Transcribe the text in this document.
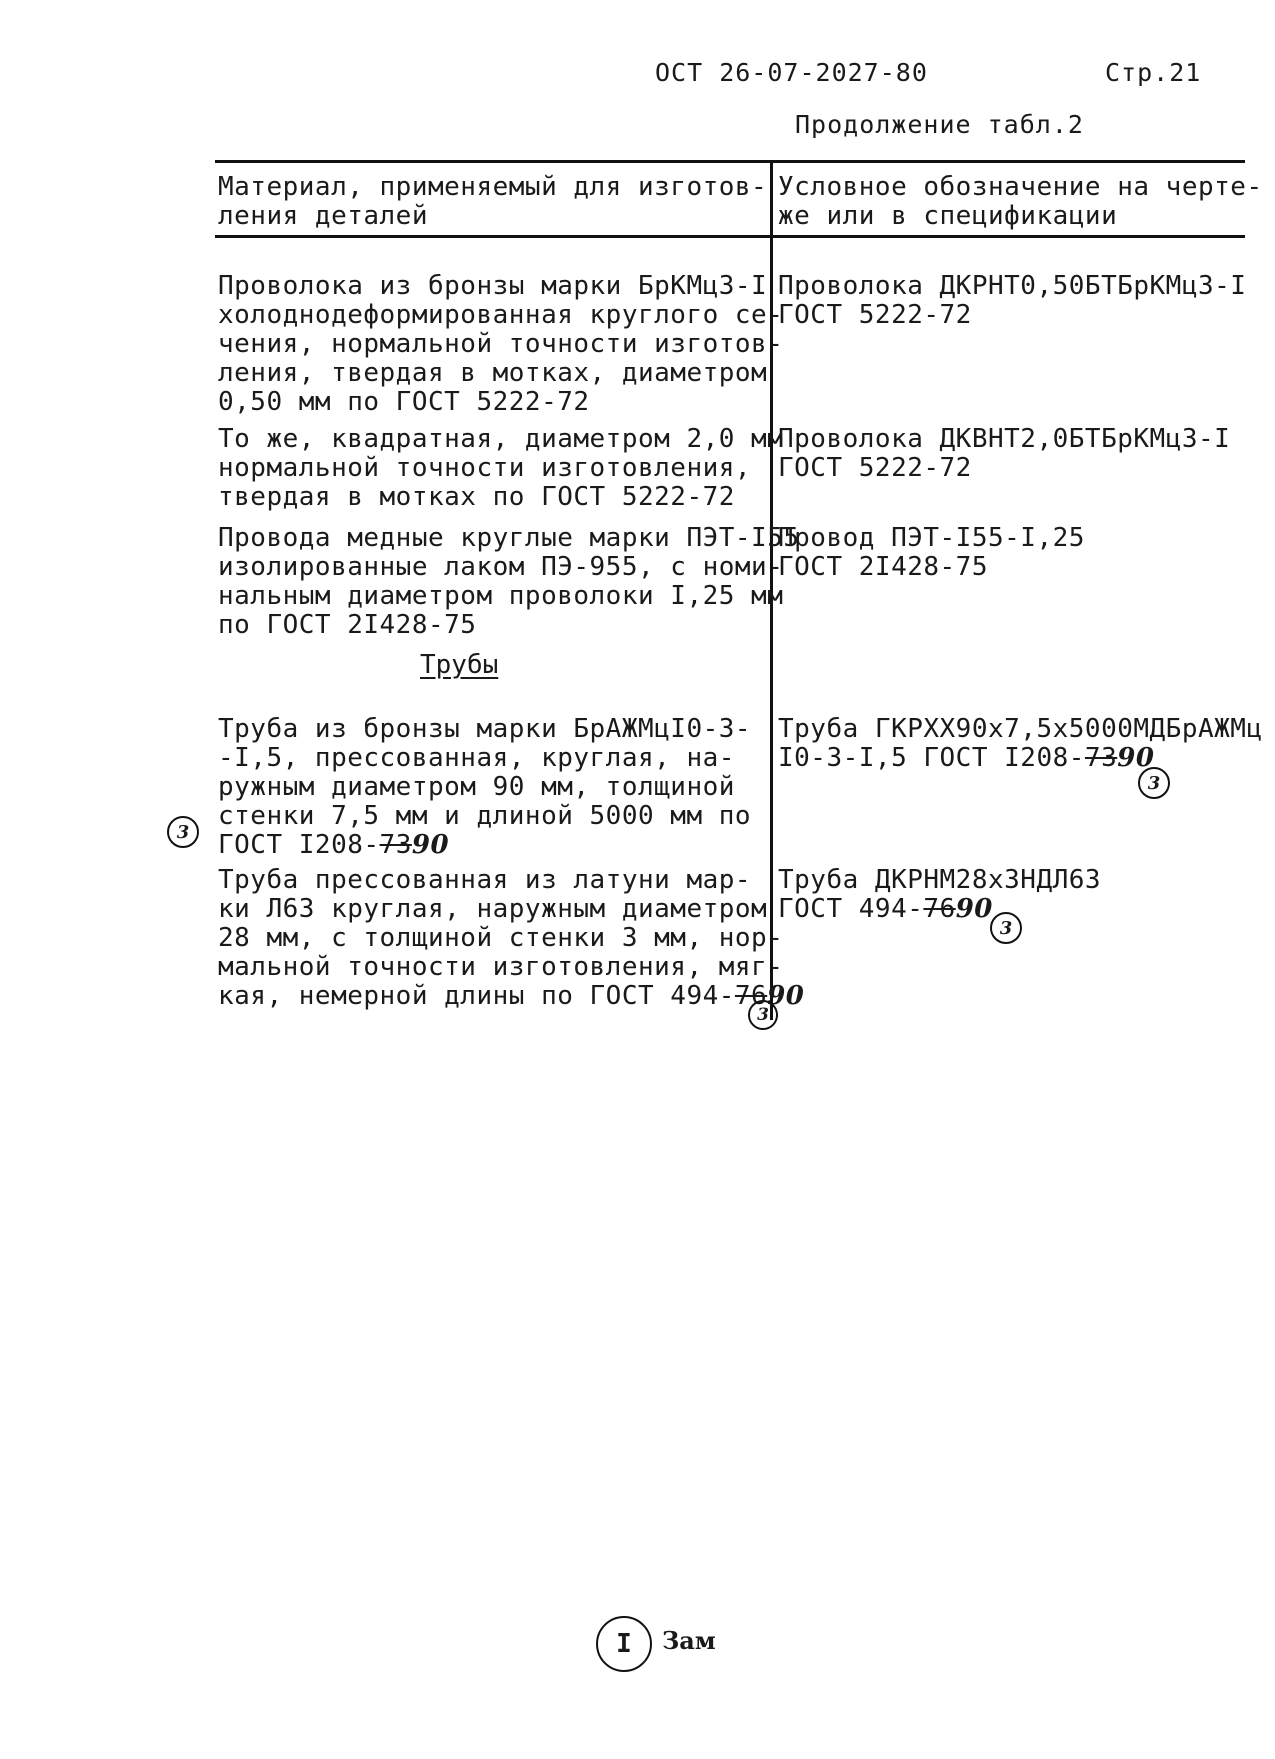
ОСТ 26-07-2027-80	Стр.21
Продолжение табл.2
Материал, применяемый для изготов-
ления деталей
Условное обозначение на черте-
же или в спецификации
Проволока из бронзы марки БрКМц3-I
холоднодеформированная круглого се-
чения, нормальной точности изготов-
ления, твердая в мотках, диаметром
0,50 мм по ГОСТ 5222-72
Проволока ДКРНТ0,50БТБрКМц3-I
ГОСТ 5222-72
То же, квадратная, диаметром 2,0 мм
нормальной точности изготовления,
твердая в мотках по ГОСТ 5222-72
Проволока ДКВНТ2,0БТБрКМц3-I
ГОСТ 5222-72
Провода медные круглые марки ПЭТ-I55
изолированные лаком ПЭ-955, с номи-
нальным диаметром проволоки I,25 мм
по ГОСТ 2I428-75
Провод ПЭТ-I55-I,25
ГОСТ 2I428-75
Трубы
Труба из бронзы марки БрАЖМцI0-3-
-I,5, прессованная, круглая, на-
ружным диаметром 90 мм, толщиной
стенки 7,5 мм и длиной 5000 мм по
ГОСТ I208-7390
Труба ГКРХХ90х7,5х5000МДБрАЖМц
I0-3-I,5 ГОСТ I208-7390
Труба прессованная из латуни мар-
ки Л63 круглая, наружным диаметром
28 мм, с толщиной стенки 3 мм, нор-
мальной точности изготовления, мяг-
кая, немерной длины по ГОСТ 494-7690
Труба ДКРНМ28х3НДЛ63
ГОСТ 494-7690
3
3
3
3
I	Зам
